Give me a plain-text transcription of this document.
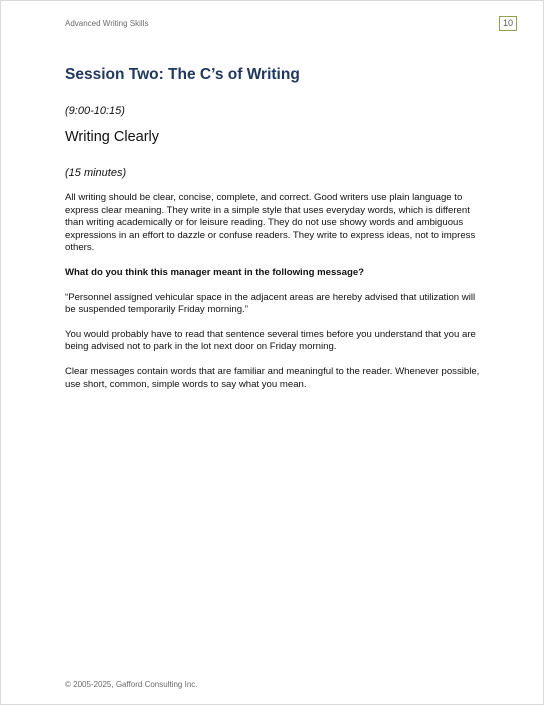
Advanced Writing Skills	10
Session Two: The C’s of Writing

(9:00-10:15)

Writing Clearly

(15 minutes)

All writing should be clear, concise, complete, and correct. Good writers use plain language to express clear meaning. They write in a simple style that uses everyday words, which is different than writing academically or for leisure reading. They do not use showy words and ambiguous expressions in an effort to dazzle or confuse readers. They write to express ideas, not to impress others.

What do you think this manager meant in the following message?

“Personnel assigned vehicular space in the adjacent areas are hereby advised that utilization will be suspended temporarily Friday morning.”

You would probably have to read that sentence several times before you understand that you are being advised not to park in the lot next door on Friday morning.

Clear messages contain words that are familiar and meaningful to the reader. Whenever possible, use short, common, simple words to say what you mean.

© 2005-2025, Gafford Consulting Inc.
